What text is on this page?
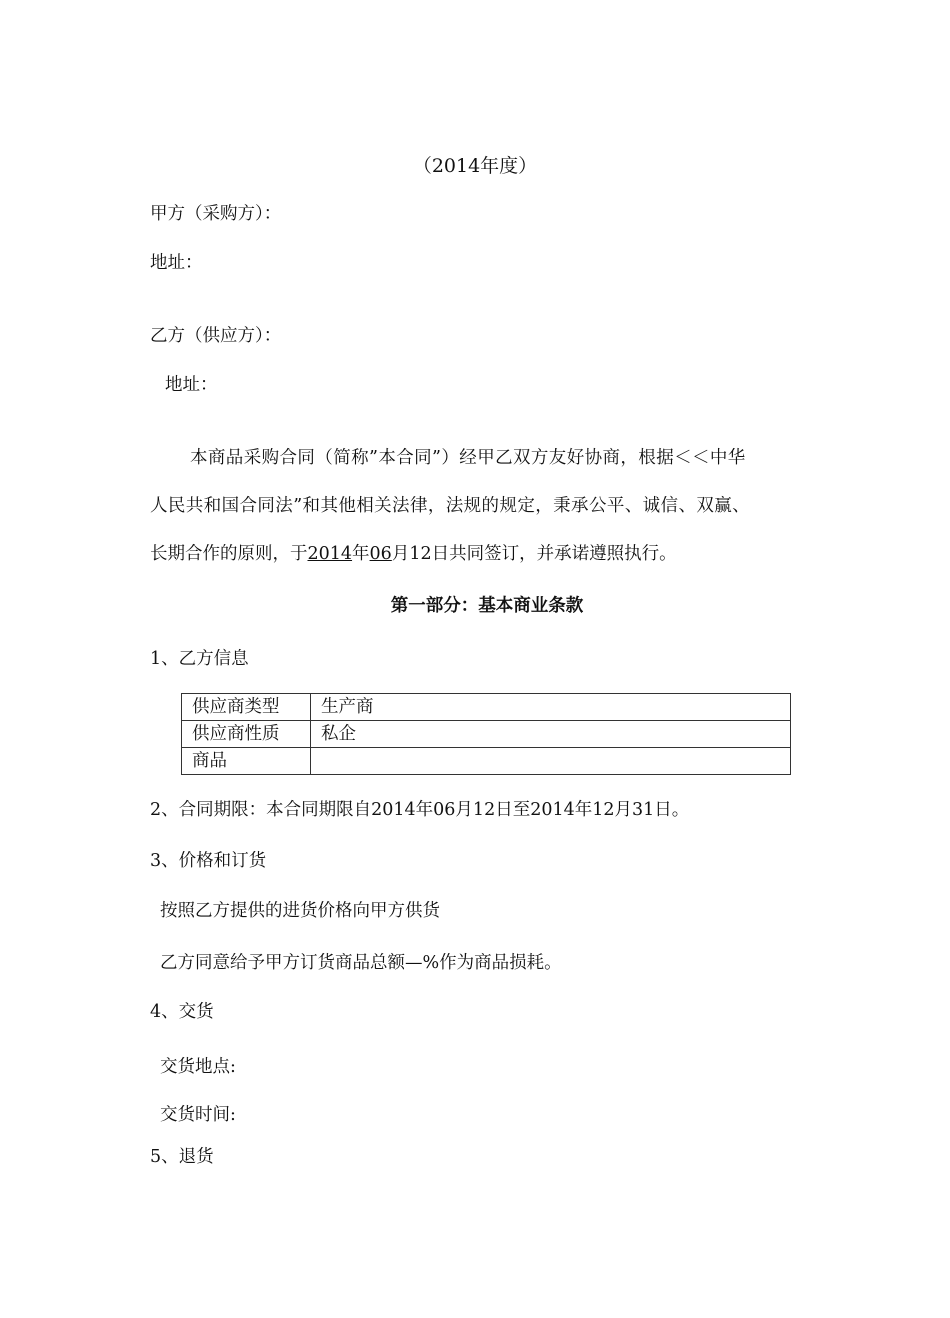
（2014年度）
甲方（采购方）：
地址：
乙方（供应方）：
地址：
本商品采购合同（简称”本合同”）经甲乙双方友好协商，根据＜＜中华
人民共和国合同法”和其他相关法律，法规的规定，秉承公平、诚信、双赢、
长期合作的原则，于2014年06月12日共同签订，并承诺遵照执行。
第一部分：基本商业条款
1、乙方信息
供应商类型	生产商
供应商性质	私企
商品	
2、合同期限：本合同期限自2014年06月12日至2014年12月31日。
3、价格和订货
按照乙方提供的进货价格向甲方供货
乙方同意给予甲方订货商品总额—%作为商品损耗。
4、交货
交货地点:
交货时间:
5、退货
